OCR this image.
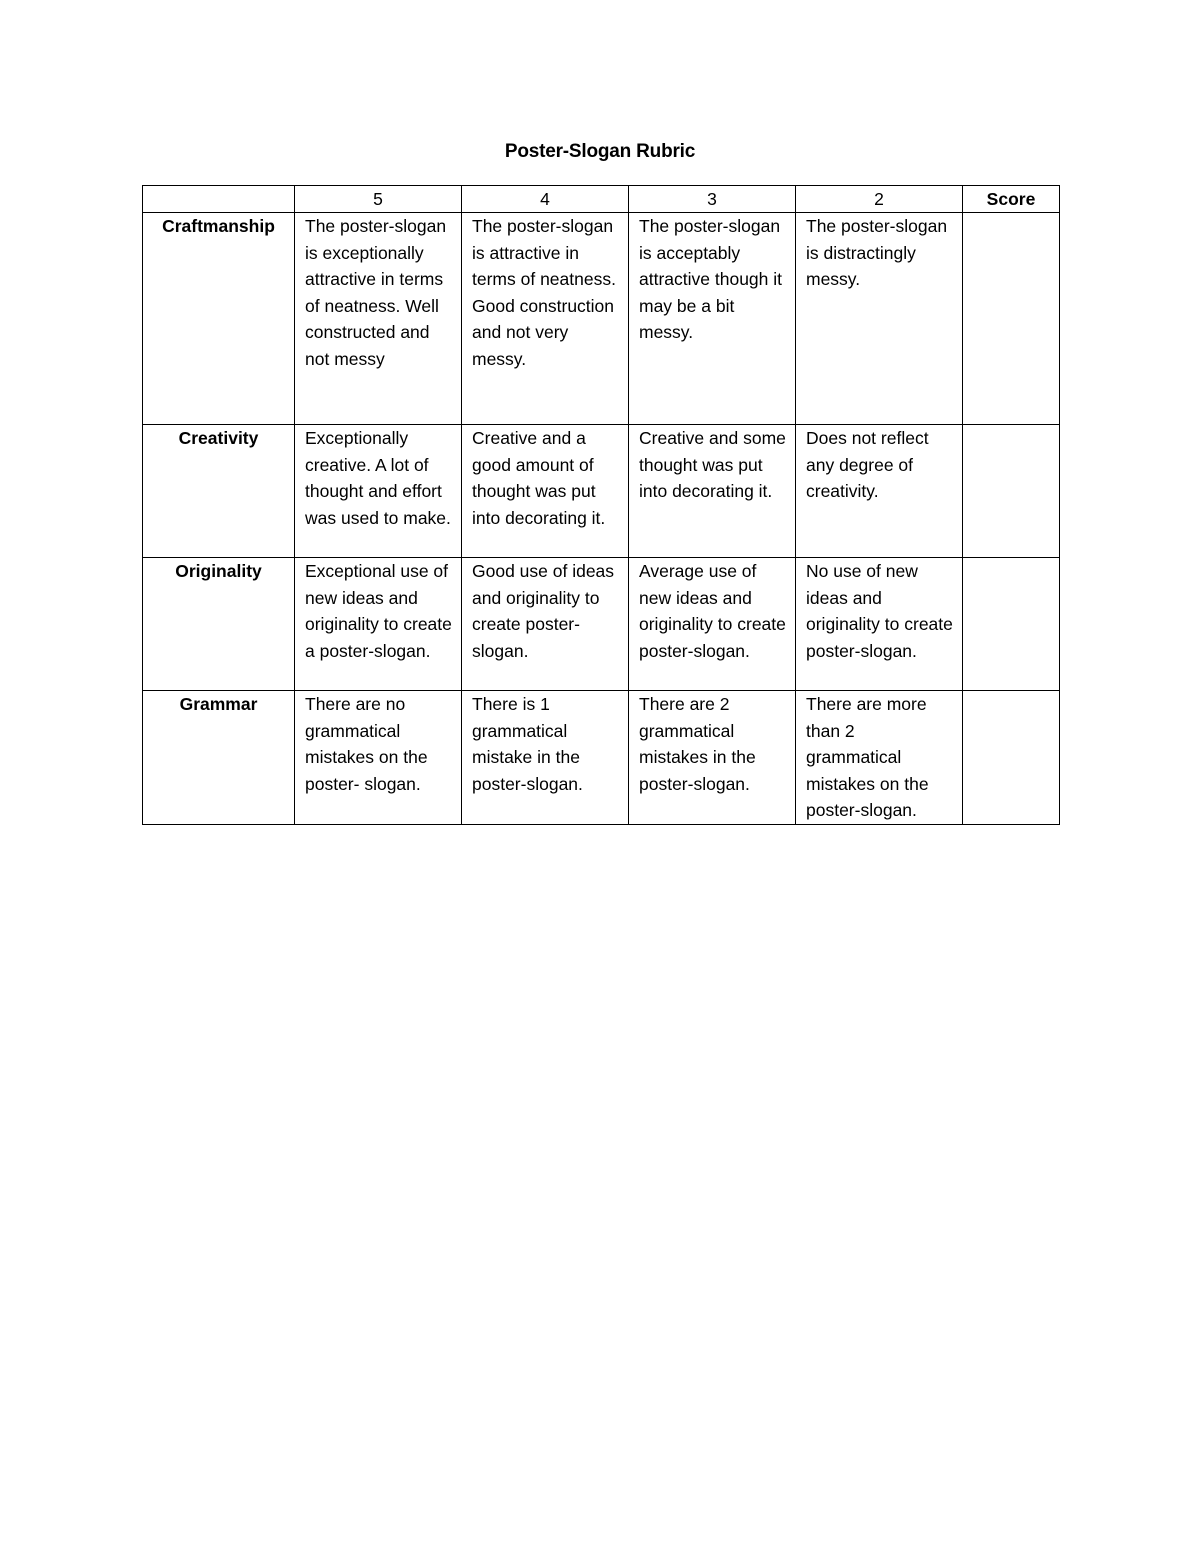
Poster-Slogan Rubric
	5	4	3	2	Score
Craftmanship	The poster-slogan is exceptionally attractive in terms of neatness. Well constructed and not messy	The poster-slogan is attractive in terms of neatness. Good construction and not very messy.	The poster-slogan is acceptably attractive though it may be a bit messy.	The poster-slogan is distractingly messy.	
Creativity	Exceptionally creative. A lot of thought and effort was used to make.	Creative and a good amount of thought was put into decorating it.	Creative and some thought was put into decorating it.	Does not reflect any degree of creativity.	
Originality	Exceptional use of new ideas and originality to create a poster-slogan.	Good use of ideas and originality to create poster-slogan.	Average use of new ideas and originality to create poster-slogan.	No use of new ideas and originality to create poster-slogan.	
Grammar	There are no grammatical mistakes on the poster- slogan.	There is 1 grammatical mistake in the poster-slogan.	There are 2 grammatical mistakes in the poster-slogan.	There are more than 2 grammatical mistakes on the poster-slogan.	
